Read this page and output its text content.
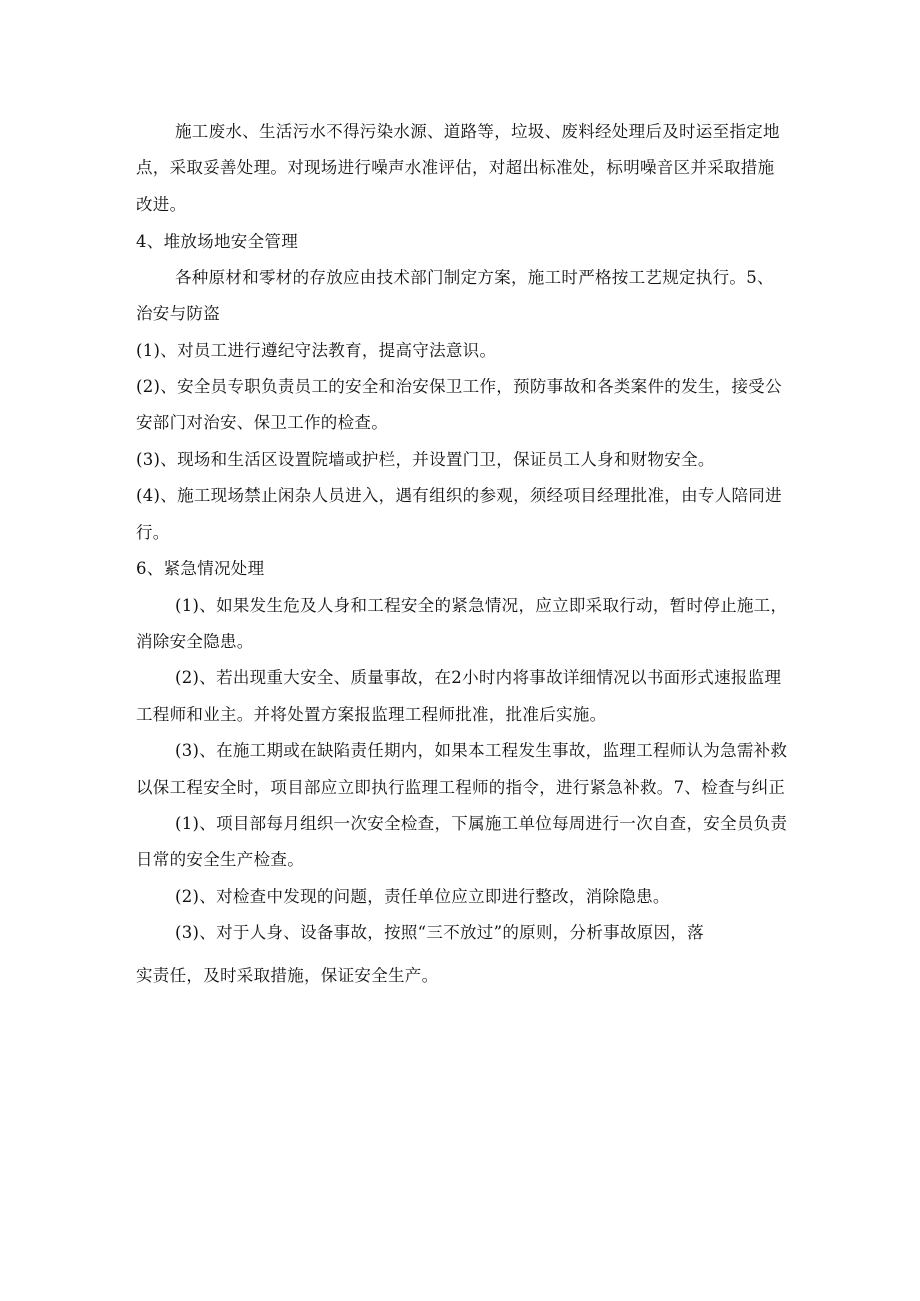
施工废水、生活污水不得污染水源、道路等，垃圾、废料经处理后及时运至指定地
点，采取妥善处理。对现场进行噪声水准评估，对超出标准处，标明噪音区并采取措施
改进。
4、堆放场地安全管理
各种原材和零材的存放应由技术部门制定方案，施工时严格按工艺规定执行。5、
治安与防盗
(1)、对员工进行遵纪守法教育，提高守法意识。
(2)、安全员专职负责员工的安全和治安保卫工作，预防事故和各类案件的发生，接受公
安部门对治安、保卫工作的检查。
(3)、现场和生活区设置院墙或护栏，并设置门卫，保证员工人身和财物安全。
(4)、施工现场禁止闲杂人员进入，遇有组织的参观，须经项目经理批准，由专人陪同进
行。
6、紧急情况处理
(1)、如果发生危及人身和工程安全的紧急情况，应立即采取行动，暂时停止施工，
消除安全隐患。
(2)、若出现重大安全、质量事故，在2小时内将事故详细情况以书面形式速报监理
工程师和业主。并将处置方案报监理工程师批准，批准后实施。
(3)、在施工期或在缺陷责任期内，如果本工程发生事故，监理工程师认为急需补救
以保工程安全时，项目部应立即执行监理工程师的指令，进行紧急补救。7、检查与纠正
(1)、项目部每月组织一次安全检查，下属施工单位每周进行一次自查，安全员负责
日常的安全生产检查。
(2)、对检查中发现的问题，责任单位应立即进行整改，消除隐患。
(3)、对于人身、设备事故，按照“三不放过”的原则，分析事故原因，落
实责任，及时采取措施，保证安全生产。
